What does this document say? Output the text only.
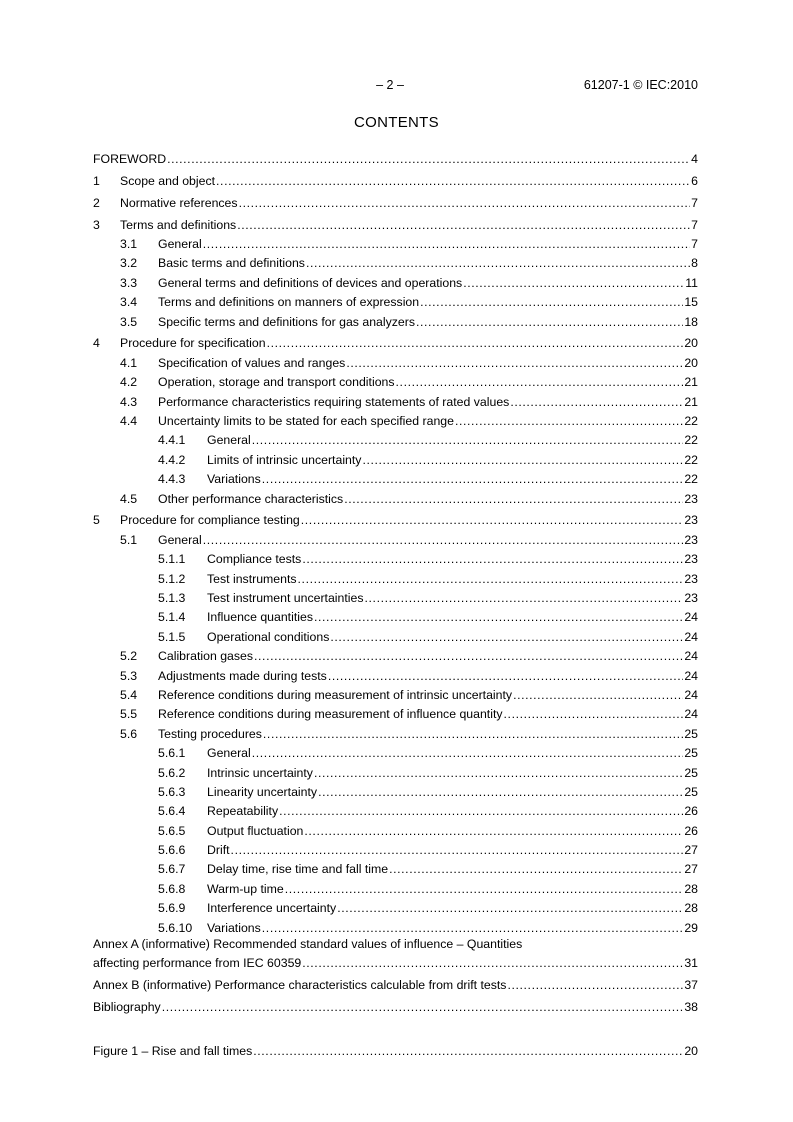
– 2 –	61207-1 © IEC:2010
CONTENTS
FOREWORD .....	4
1	Scope and object .....	6
2	Normative references .....	7
3	Terms and definitions .....	7
3.1	General .....	7
3.2	Basic terms and definitions .....	8
3.3	General terms and definitions of devices and operations .....	11
3.4	Terms and definitions on manners of expression .....	15
3.5	Specific terms and definitions for gas analyzers .....	18
4	Procedure for specification .....	20
4.1	Specification of values and ranges .....	20
4.2	Operation, storage and transport conditions .....	21
4.3	Performance characteristics requiring statements of rated values .....	21
4.4	Uncertainty limits to be stated for each specified range .....	22
4.4.1	General .....	22
4.4.2	Limits of intrinsic uncertainty .....	22
4.4.3	Variations .....	22
4.5	Other performance characteristics .....	23
5	Procedure for compliance testing .....	23
5.1	General .....	23
5.1.1	Compliance tests .....	23
5.1.2	Test instruments .....	23
5.1.3	Test instrument uncertainties .....	23
5.1.4	Influence quantities .....	24
5.1.5	Operational conditions .....	24
5.2	Calibration gases .....	24
5.3	Adjustments made during tests .....	24
5.4	Reference conditions during measurement of intrinsic uncertainty .....	24
5.5	Reference conditions during measurement of influence quantity .....	24
5.6	Testing procedures .....	25
5.6.1	General .....	25
5.6.2	Intrinsic uncertainty .....	25
5.6.3	Linearity uncertainty .....	25
5.6.4	Repeatability .....	26
5.6.5	Output fluctuation .....	26
5.6.6	Drift .....	27
5.6.7	Delay time, rise time and fall time .....	27
5.6.8	Warm-up time .....	28
5.6.9	Interference uncertainty .....	28
5.6.10	Variations .....	29
Annex A (informative) Recommended standard values of influence – Quantities
affecting performance from IEC 60359 .....	31
Annex B (informative) Performance characteristics calculable from drift tests .....	37
Bibliography .....	38
Figure 1 – Rise and fall times .....	20
